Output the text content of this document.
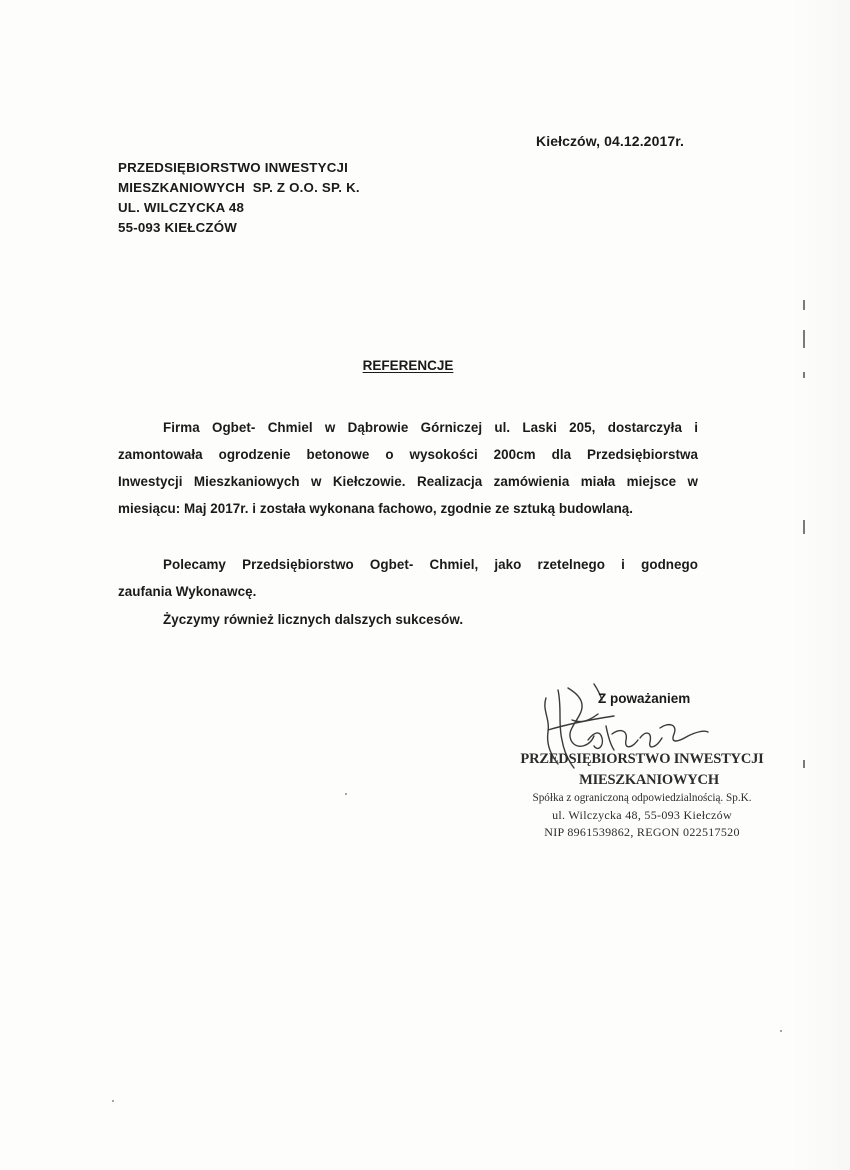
Kiełczów, 04.12.2017r.
PRZEDSIĘBIORSTWO INWESTYCJI
MIESZKANIOWYCH  SP. Z O.O. SP. K.
UL. WILCZYCKA 48
55-093 KIEŁCZÓW
REFERENCJE
Firma Ogbet- Chmiel w Dąbrowie Górniczej ul. Laski 205, dostarczyła i
zamontowała ogrodzenie betonowe o wysokości 200cm dla Przedsiębiorstwa
Inwestycji Mieszkaniowych w Kiełczowie. Realizacja zamówienia miała miejsce w
miesiącu: Maj 2017r. i została wykonana fachowo, zgodnie ze sztuką budowlaną.
Polecamy Przedsiębiorstwo Ogbet- Chmiel, jako rzetelnego i godnego
zaufania Wykonawcę.
Życzymy również licznych dalszych sukcesów.
Z poważaniem
PRZEDSIĘBIORSTWO INWESTYCJI
MIESZKANIOWYCH
Spółka z ograniczoną odpowiedzialnością. Sp.K.
ul. Wilczycka 48, 55-093 Kiełczów
NIP 8961539862, REGON 022517520
